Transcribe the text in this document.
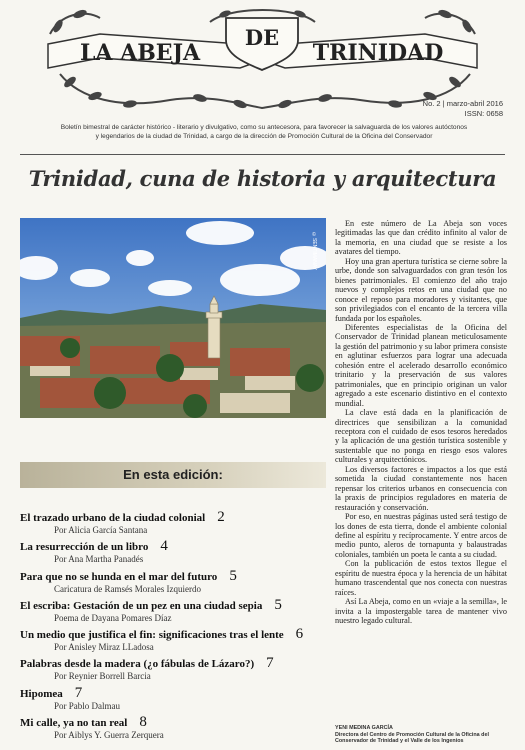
LA ABEJA
DE
TRINIDAD
No. 2 | marzo-abril 2016
ISSN: 0658
Boletín bimestral de carácter histórico - literario y divulgativo, como su antecesora, para favorecer la salvaguarda de los valores autóctonos y legendarios de la ciudad de Trinidad, a cargo de la dirección de Promoción Cultural de la Oficina del Conservador
Trinidad, cuna de historia y arquitectura
©SENTIMANAY

En este número de La Abeja son voces legitimadas las que dan crédito infinito al valor de la memoria, en una ciudad que se resiste a los avatares del tiempo.

Hoy una gran apertura turística se cierne sobre la urbe, donde son salvaguardados con gran tesón los bienes patrimoniales. El comienzo del año trajo nuevos y complejos retos en una ciudad que no conoce el reposo para moradores y visitantes, que son privilegiados con el encanto de la tercera villa fundada por los españoles.

Diferentes especialistas de la Oficina del Conservador de Trinidad planean meticulosamente la gestión del patrimonio y su labor primera consiste en aglutinar esfuerzos para lograr una adecuada cohesión entre el acelerado desarrollo económico trinitario y la preservación de sus valores patrimoniales, que en principio originan un valor agregado a este escenario distintivo en el contexto mundial.

La clave está dada en la planificación de directrices que sensibilizan a la comunidad receptora con el cuidado de esos tesoros heredados y la aplicación de una gestión turística sostenible y sustentable que no ponga en riesgo esos valores culturales y arquitectónicos.

Los diversos factores e impactos a los que está sometida la ciudad constantemente nos hacen repensar los criterios urbanos en consecuencia con la praxis de principios reguladores en materia de restauración y conservación.

Por eso, en nuestras páginas usted será testigo de los dones de esta tierra, donde el ambiente colonial define al espíritu y recíprocamente. Y entre arcos de medio punto, aleros de tornapunta y balaustradas coloniales, también un poeta le canta a su ciudad.

Con la publicación de estos textos llegue el espíritu de nuestra época y la herencia de un hábitat humano trascendental que nos conecta con nuestras raíces.

Así La Abeja, como en un «viaje a la semilla», le invita a la impostergable tarea de mantener vivo nuestro legado cultural.

YENI MEDINA GARCÍA
Directora del Centro de Promoción Cultural de la Oficina del Conservador de Trinidad y el Valle de los Ingenios
En esta edición:
El trazado urbano de la ciudad colonial 2
Por Alicia García Santana
La resurrección de un libro 4
Por Ana Martha Panadés
Para que no se hunda en el mar del futuro 5
Caricatura de Ramsés Morales Izquierdo
El escriba: Gestación de un pez en una ciudad sepia 5
Poema de Dayana Pomares Díaz
Un medio que justifica el fin: significaciones tras el lente 6
Por Anisley Miraz LLadosa
Palabras desde la madera (¿o fábulas de Lázaro?) 7
Por Reynier Borrell Barcia
Hipomea 7
Por Pablo Dalmau
Mi calle, ya no tan real 8
Por Aiblys Y. Guerra Zerquera
